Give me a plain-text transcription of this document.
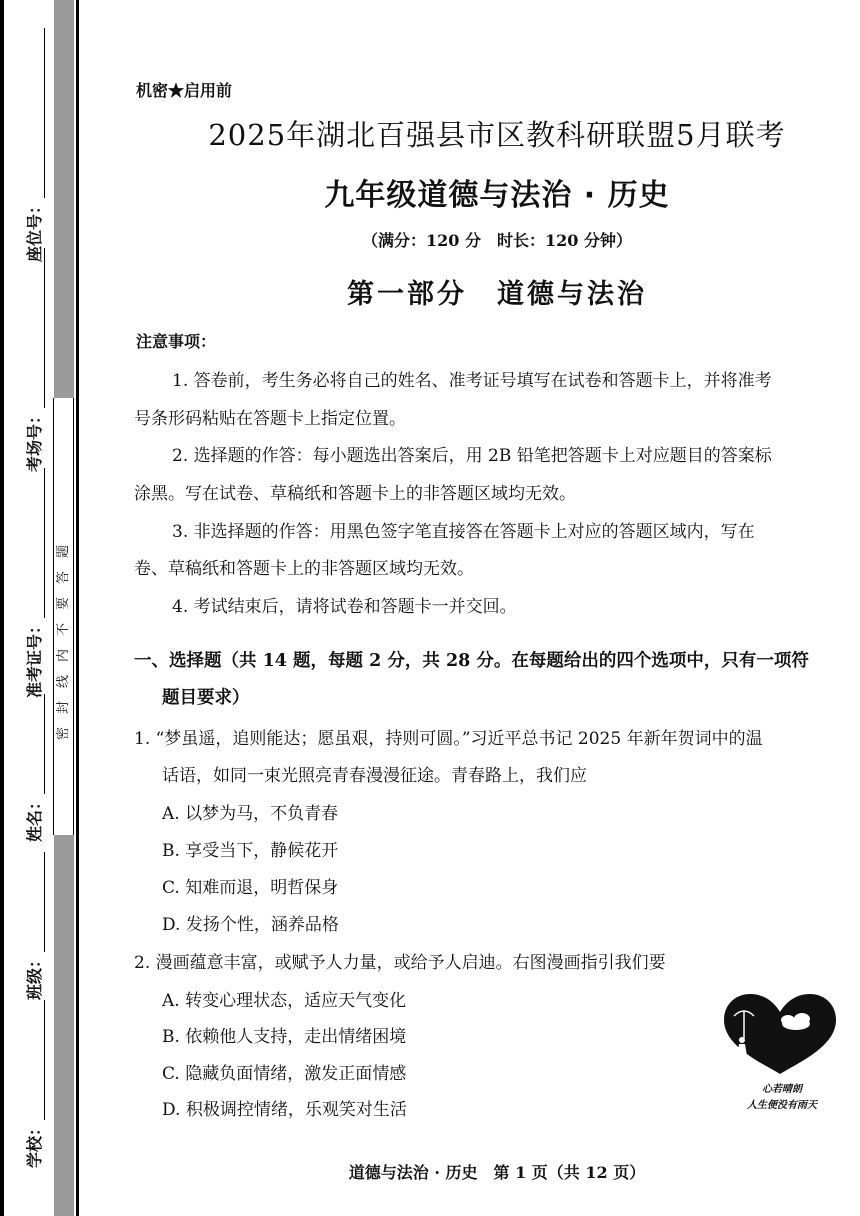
密封线内不要答题
座位号：
考场号：
准考证号：
姓名：
班级：
学校：
机密★启用前
2025年湖北百强县市区教科研联盟5月联考
九年级道德与法治 · 历史
（满分：120 分　时长：120 分钟）
第一部分　道德与法治
注意事项：
1. 答卷前，考生务必将自己的姓名、准考证号填写在试卷和答题卡上，并将准考
号条形码粘贴在答题卡上指定位置。
2. 选择题的作答：每小题选出答案后，用 2B 铅笔把答题卡上对应题目的答案标
涂黑。写在试卷、草稿纸和答题卡上的非答题区域均无效。
3. 非选择题的作答：用黑色签字笔直接答在答题卡上对应的答题区域内，写在
卷、草稿纸和答题卡上的非答题区域均无效。
4. 考试结束后，请将试卷和答题卡一并交回。
一、选择题（共 14 题，每题 2 分，共 28 分。在每题给出的四个选项中，只有一项符
题目要求）
1. “梦虽遥，追则能达；愿虽艰，持则可圆。”习近平总书记 2025 年新年贺词中的温
话语，如同一束光照亮青春漫漫征途。青春路上，我们应
A. 以梦为马，不负青春
B. 享受当下，静候花开
C. 知难而退，明哲保身
D. 发扬个性，涵养品格
2. 漫画蕴意丰富，或赋予人力量，或给予人启迪。右图漫画指引我们要
A. 转变心理状态，适应天气变化
B. 依赖他人支持，走出情绪困境
C. 隐藏负面情绪，激发正面情感
D. 积极调控情绪，乐观笑对生活
心若晴朗
人生便没有雨天
道德与法治 · 历史　第 1 页（共 12 页）
